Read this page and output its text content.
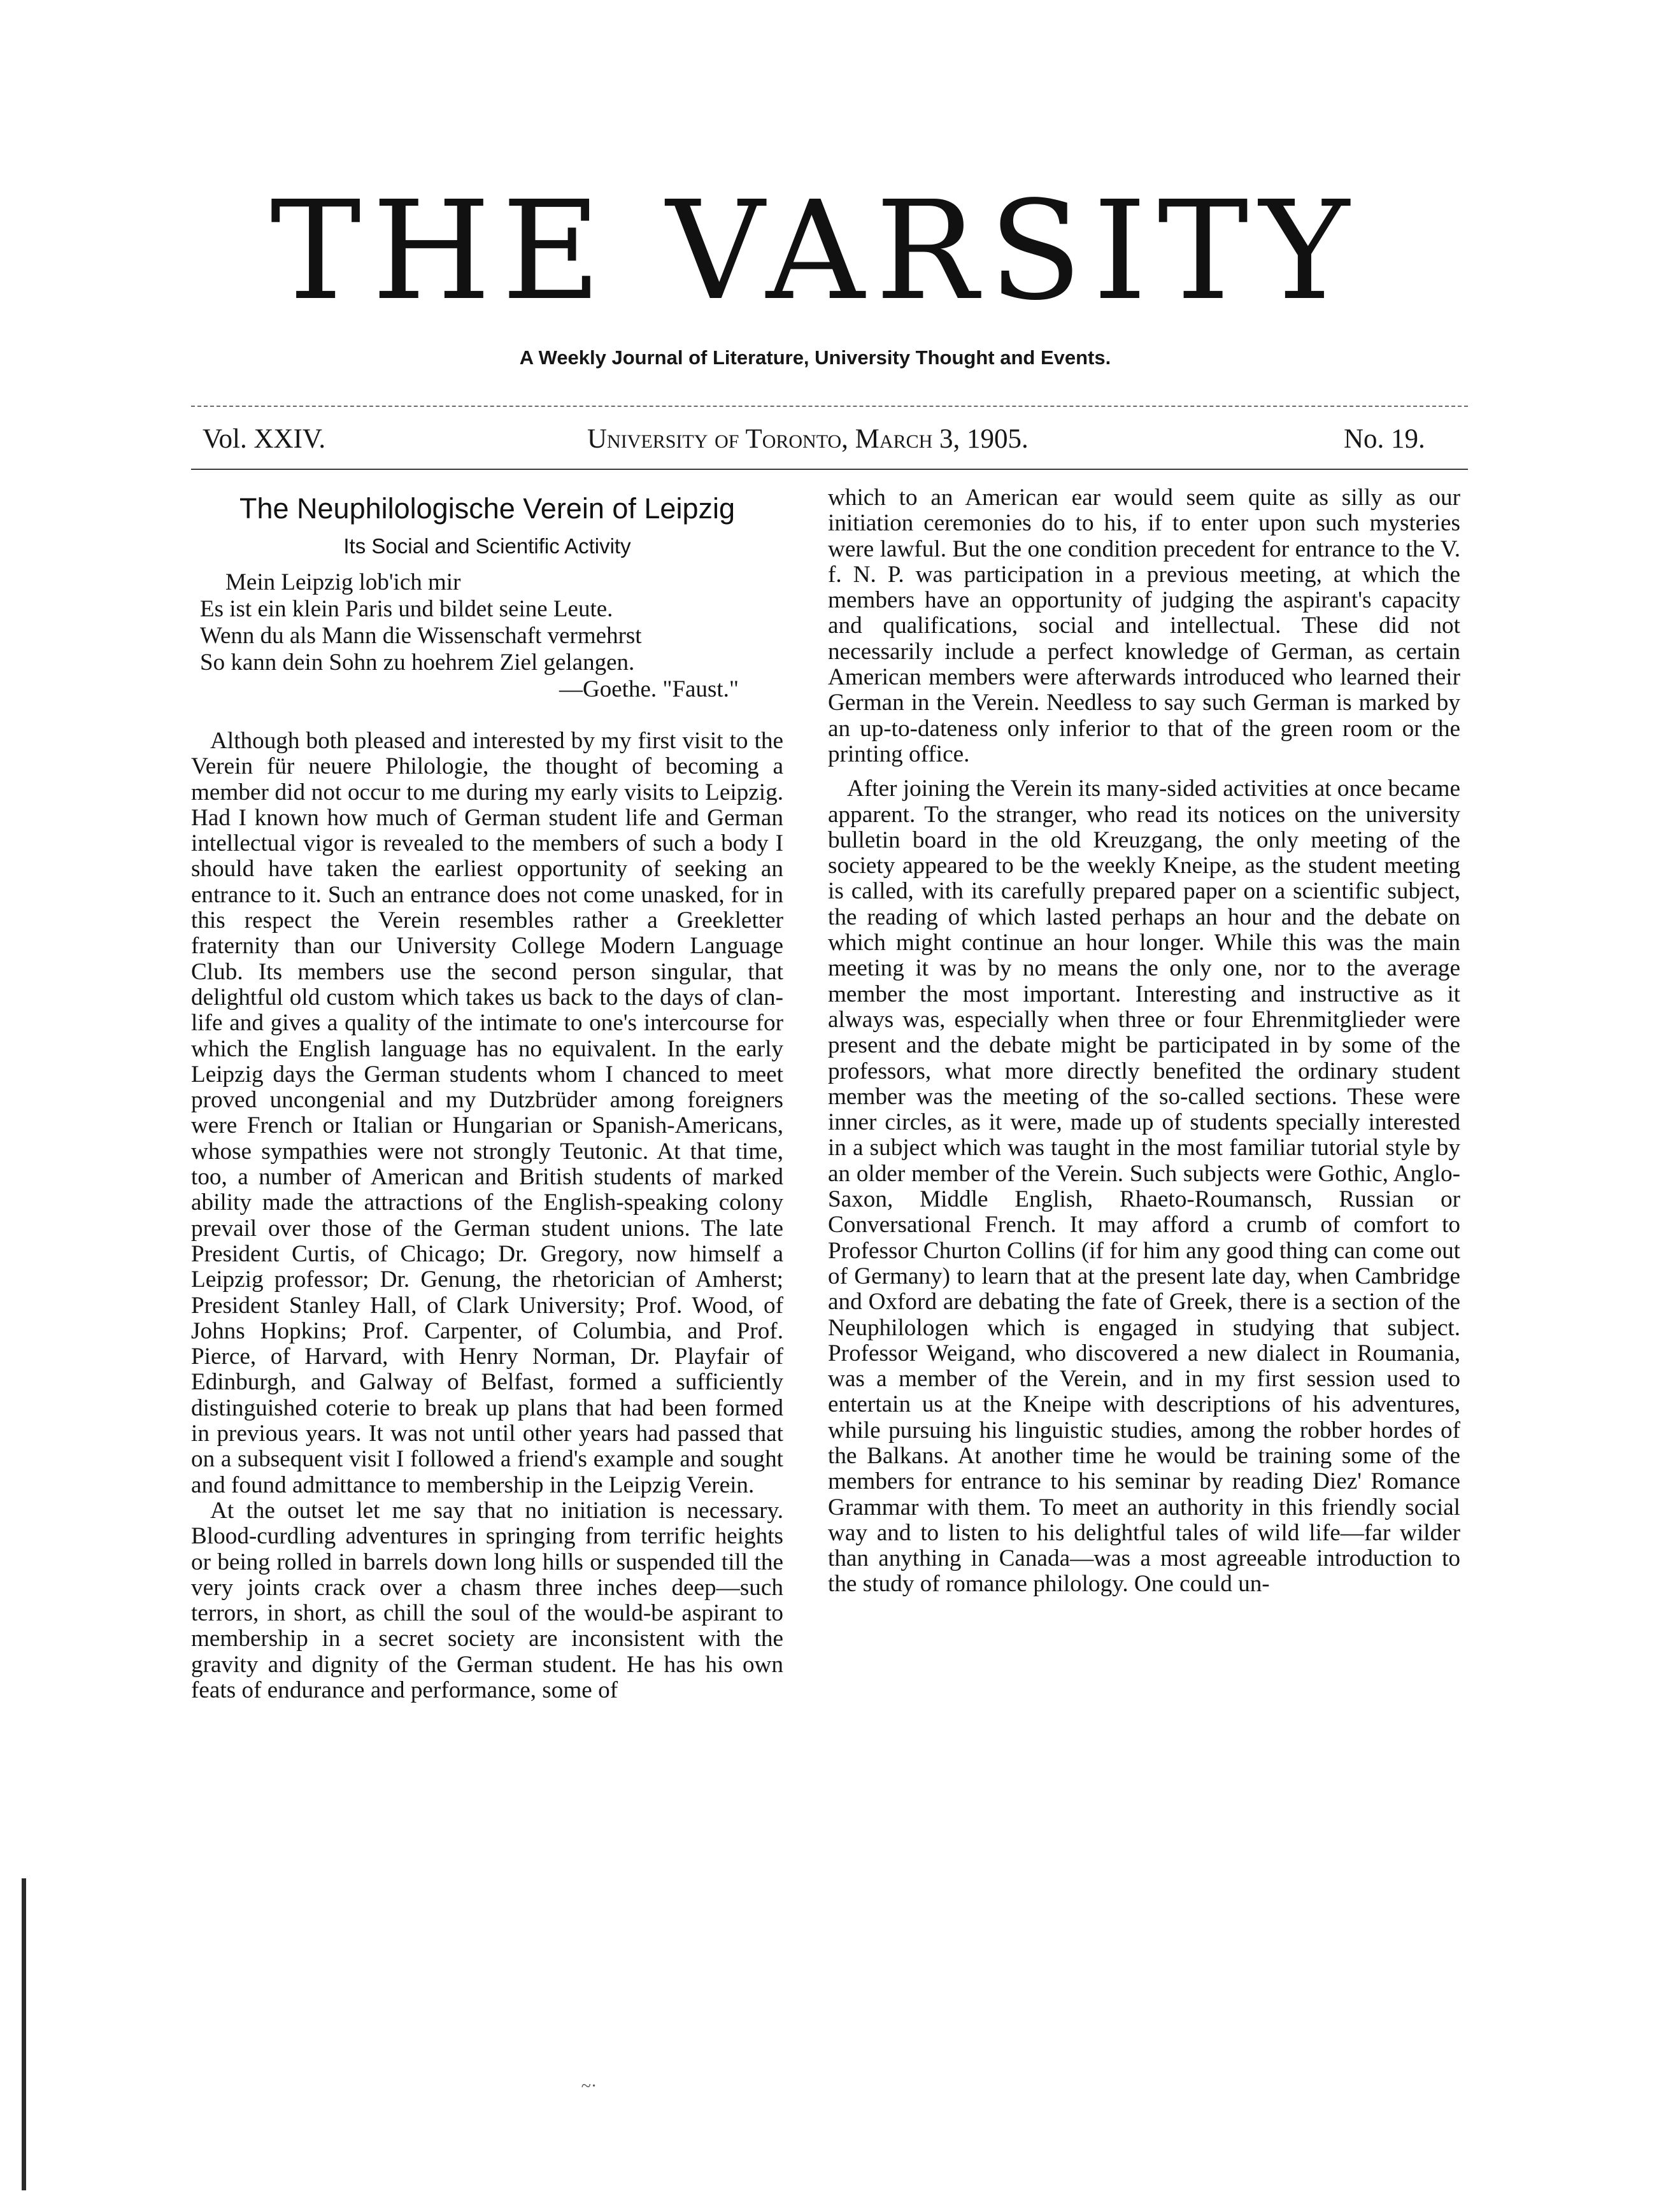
THE VARSITY
A Weekly Journal of Literature, University Thought and Events.
Vol. XXIV.	University of Toronto, March 3, 1905.	No. 19.
The Neuphilologische Verein of Leipzig
Its Social and Scientific Activity
Mein Leipzig lob'ich mir
Es ist ein klein Paris und bildet seine Leute.
Wenn du als Mann die Wissenschaft vermehrst
So kann dein Sohn zu hoehrem Ziel gelangen.
—Goethe. "Faust."

Although both pleased and interested by my first visit to the Verein für neuere Philologie, the thought of becoming a member did not occur to me during my early visits to Leipzig. Had I known how much of German student life and German intellectual vigor is revealed to the members of such a body I should have taken the earliest opportunity of seeking an entrance to it. Such an entrance does not come unasked, for in this respect the Verein resembles rather a Greekletter fraternity than our University College Modern Language Club. Its members use the second person singular, that delightful old custom which takes us back to the days of clan-life and gives a quality of the intimate to one's intercourse for which the English language has no equivalent. In the early Leipzig days the German students whom I chanced to meet proved uncongenial and my Dutzbrüder among foreigners were French or Italian or Hungarian or Spanish-Americans, whose sympathies were not strongly Teutonic. At that time, too, a number of American and British students of marked ability made the attractions of the English-speaking colony prevail over those of the German student unions. The late President Curtis, of Chicago; Dr. Gregory, now himself a Leipzig professor; Dr. Genung, the rhetorician of Amherst; President Stanley Hall, of Clark University; Prof. Wood, of Johns Hopkins; Prof. Carpenter, of Columbia, and Prof. Pierce, of Harvard, with Henry Norman, Dr. Playfair of Edinburgh, and Galway of Belfast, formed a sufficiently distinguished coterie to break up plans that had been formed in previous years. It was not until other years had passed that on a subsequent visit I followed a friend's example and sought and found admittance to membership in the Leipzig Verein.

At the outset let me say that no initiation is necessary. Blood-curdling adventures in springing from terrific heights or being rolled in barrels down long hills or suspended till the very joints crack over a chasm three inches deep—such terrors, in short, as chill the soul of the would-be aspirant to membership in a secret society are inconsistent with the gravity and dignity of the German student. He has his own feats of endurance and performance, some of

which to an American ear would seem quite as silly as our initiation ceremonies do to his, if to enter upon such mysteries were lawful. But the one condition precedent for entrance to the V. f. N. P. was participation in a previous meeting, at which the members have an opportunity of judging the aspirant's capacity and qualifications, social and intellectual. These did not necessarily include a perfect knowledge of German, as certain American members were afterwards introduced who learned their German in the Verein. Needless to say such German is marked by an up-to-dateness only inferior to that of the green room or the printing office.

After joining the Verein its many-sided activities at once became apparent. To the stranger, who read its notices on the university bulletin board in the old Kreuzgang, the only meeting of the society appeared to be the weekly Kneipe, as the student meeting is called, with its carefully prepared paper on a scientific subject, the reading of which lasted perhaps an hour and the debate on which might continue an hour longer. While this was the main meeting it was by no means the only one, nor to the average member the most important. Interesting and instructive as it always was, especially when three or four Ehrenmitglieder were present and the debate might be participated in by some of the professors, what more directly benefited the ordinary student member was the meeting of the so-called sections. These were inner circles, as it were, made up of students specially interested in a subject which was taught in the most familiar tutorial style by an older member of the Verein. Such subjects were Gothic, Anglo-Saxon, Middle English, Rhaeto-Roumansch, Russian or Conversational French. It may afford a crumb of comfort to Professor Churton Collins (if for him any good thing can come out of Germany) to learn that at the present late day, when Cambridge and Oxford are debating the fate of Greek, there is a section of the Neuphilologen which is engaged in studying that subject. Professor Weigand, who discovered a new dialect in Roumania, was a member of the Verein, and in my first session used to entertain us at the Kneipe with descriptions of his adventures, while pursuing his linguistic studies, among the robber hordes of the Balkans. At another time he would be training some of the members for entrance to his seminar by reading Diez' Romance Grammar with them. To meet an authority in this friendly social way and to listen to his delightful tales of wild life—far wilder than anything in Canada—was a most agreeable introduction to the study of romance philology. One could un-

~·
